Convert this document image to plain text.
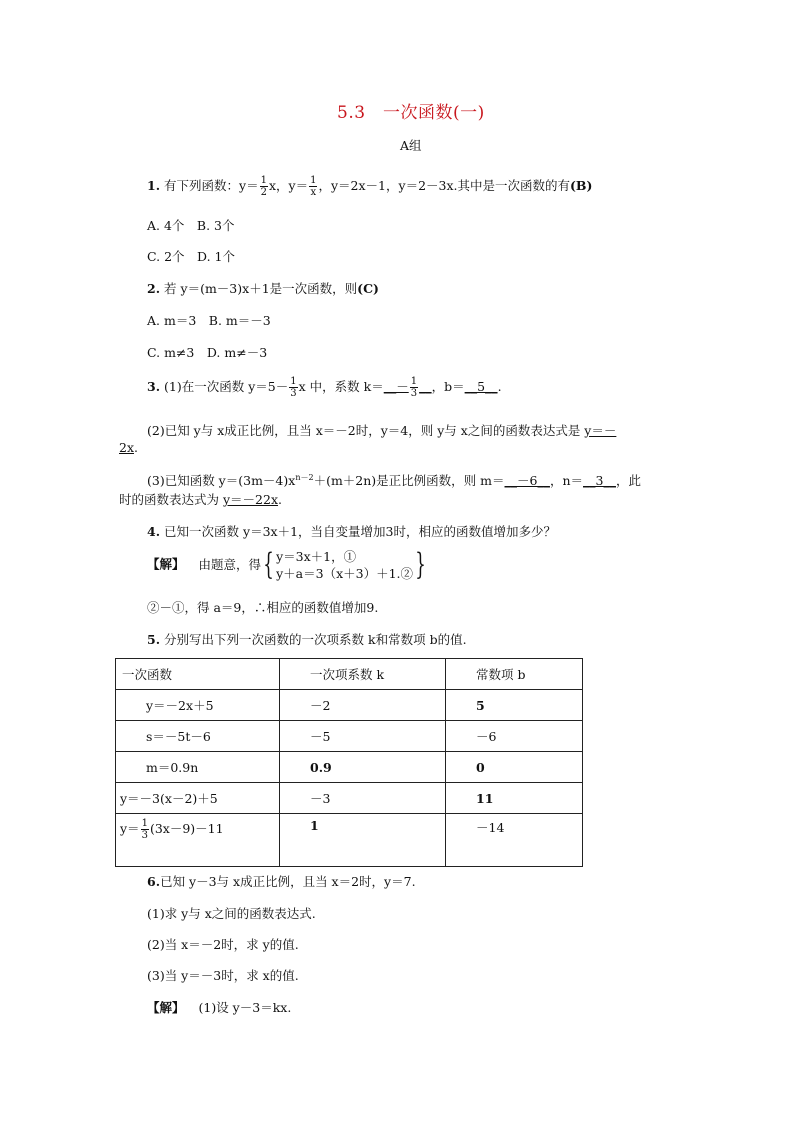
5.3　一次函数(一)
A组
1. 有下列函数：$y= \frac{1}{2}$ x，$y= \frac{1}{x}$ ，y＝2x－1，y＝2－3x.其中是一次函数的有(B)
A. 4个　B. 3个
C. 2个　D. 1个
2. 若 y＝(m－3)x＋1是一次函数，则(C)
A. m＝3　B. m＝－3
C. m≠3　D. m≠－3
3. (1)在一次函数 $y=5- \frac{1}{3}$ x 中，系数 k＝__－ $\frac{1}{3}$ __，b＝__5__.
(2)已知 y与 x成正比例，且当 x＝－2时，y＝4，则 y与 x之间的函数表达式是 y＝－
2x.
(3)已知函数 $y=(3m-4)x^{n-2}+(m+2n)$是正比例函数，则 m＝__－6__，n＝__3__，此
时的函数表达式为 y＝－22x.
4. 已知一次函数 y＝3x＋1，当自变量增加3时，相应的函数值增加多少？
【解】 由题意，得{ y＝3x＋1，①
y＋a＝3（x＋3）＋1.② }
②－①，得 a＝9，∴相应的函数值增加9.
5. 分别写出下列一次函数的一次项系数 k和常数项 b的值.
一次函数	一次项系数 k	常数项 b
y＝－2x＋5	－2	5
s＝－5t－6	－5	－6
m＝0.9n	0.9	0
y＝－3(x－2)＋5	－3	11
$y= \frac{1}{3} (3x-9)-11$	1	－14
6.已知 y－3与 x成正比例，且当 x＝2时，y＝7.
(1)求 y与 x之间的函数表达式.
(2)当 x＝－2时，求 y的值.
(3)当 y＝－3时，求 x的值.
【解】 (1)设 y－3＝kx.
